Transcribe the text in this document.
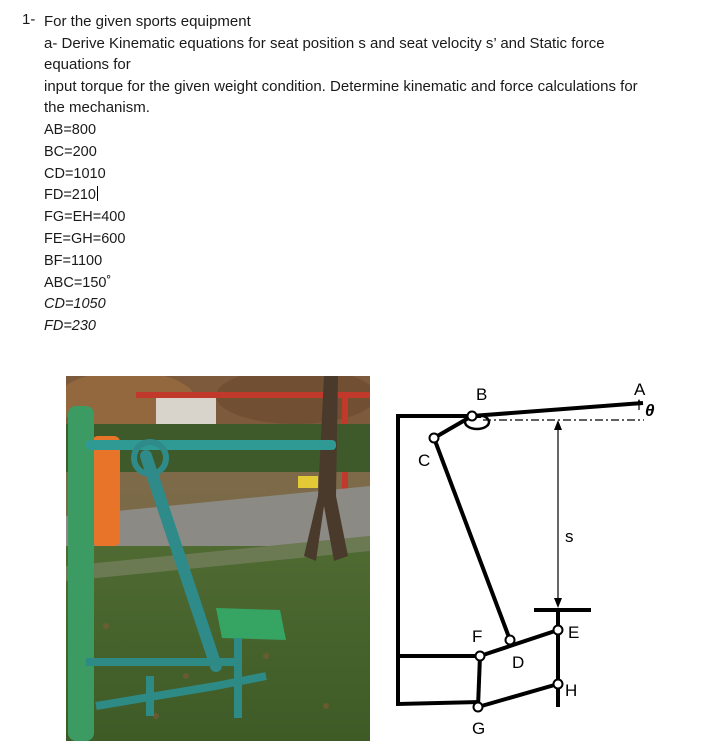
1- For the given sports equipment
a- Derive Kinematic equations for seat position s and seat velocity s’ and Static force
equations for
input torque for the given weight condition. Determine kinematic and force calculations for
the mechanism.
AB=800
BC=200
CD=1010
FD=210
FG=EH=400
FE=GH=600
BF=1100
ABC=150˚
CD=1050
FD=230
B	A
θ
C
s
E
F
D
H
G
